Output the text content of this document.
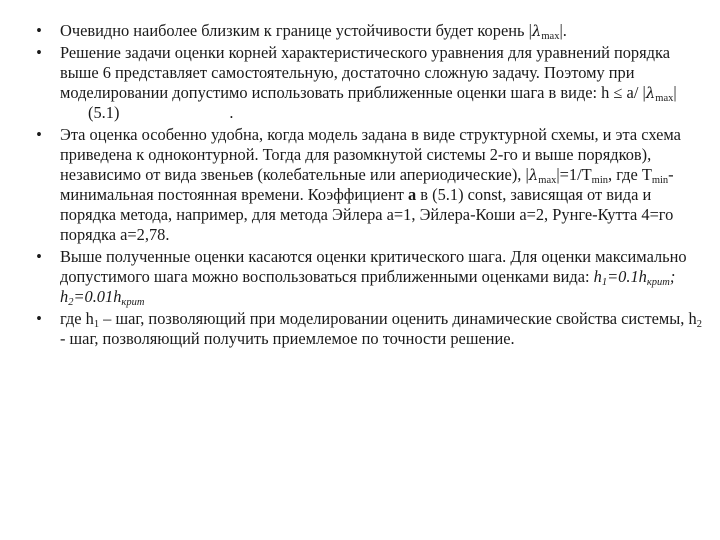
• Очевидно наиболее близким к границе устойчивости будет корень $|\lambda_{max}|$.
• Решение задачи оценки корней характеристического уравнения для уравнений порядка выше 6 представляет самостоятельную, достаточно сложную задачу. Поэтому при моделировании допустимо использовать приближенные оценки шага в виде: h ≤ a/ $|\lambda_{max}|(5.1)$	.
• Эта оценка особенно удобна, когда модель задана в виде структурной схемы, и эта схема приведена к одноконтурной. Тогда для разомкнутой системы 2-го и выше порядков), независимо от вида звеньев (колебательные или апериодические), $|\lambda_{max}|=1/T_{min}$, где $T_{min}-$ минимальная постоянная времени. Коэффициент a в (5.1) const, зависящая от вида и порядка метода, например, для метода Эйлера a=1, Эйлера-Коши a=2, Рунге-Кутта 4=го порядка a=2,78.
• Выше полученные оценки касаются оценки критического шага. Для оценки максимально допустимого шага можно воспользоваться приближенными оценками вида: $h_1=0.1h_{крит}$; $h_2=0.01h_{крит}$
• где $h_1$ – шаг, позволяющий при моделировании оценить динамические свойства системы, $h_2$ - шаг, позволяющий получить приемлемое по точности решение.
